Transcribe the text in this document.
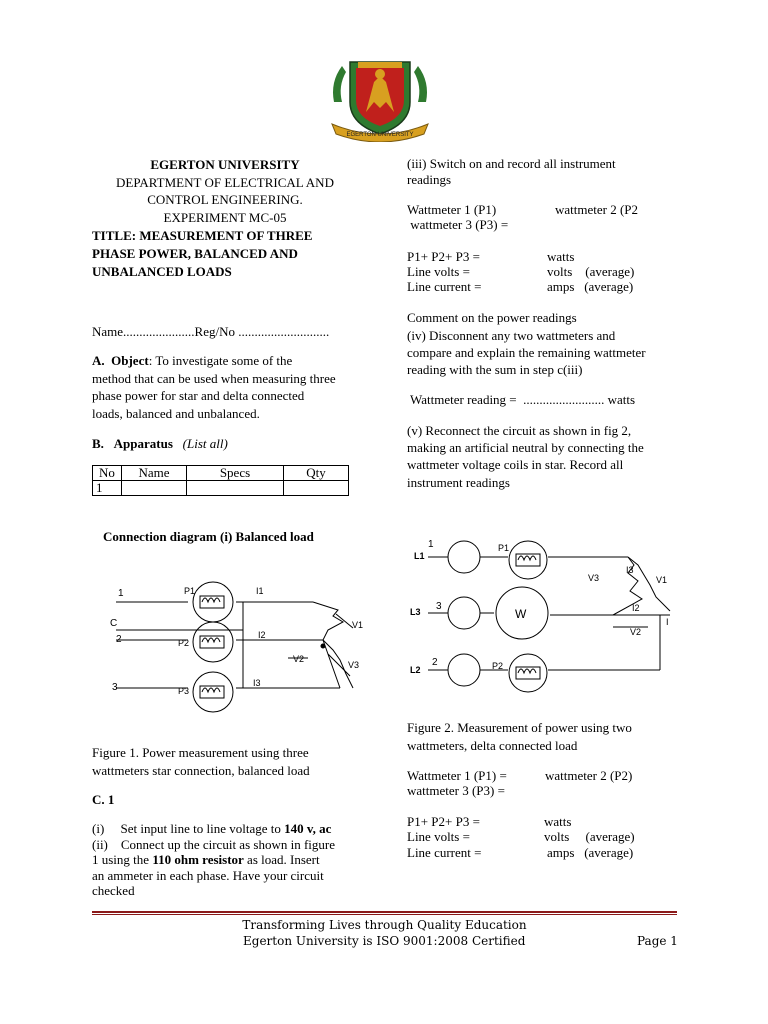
EGERTON UNIVERSITY
EGERTON UNIVERSITY
DEPARTMENT OF ELECTRICAL AND
CONTROL ENGINEERING.
EXPERIMENT MC-05
TITLE: MEASUREMENT OF THREE
PHASE POWER, BALANCED AND
UNBALANCED LOADS
Name......................Reg/No ............................
A. Object: To investigate some of the
method that can be used when measuring three
phase power for star and delta connected
loads, balanced and unbalanced.
B. Apparatus (List all)
No	Name	Specs	Qty
1			
Connection diagram (i) Balanced load
1
C
2
3
P1
P2
P3
I1
I2
I3
V1
V2
V3
Figure 1. Power measurement using three
wattmeters star connection, balanced load
C. 1
(i) Set input line to line voltage to 140 v, ac
(ii) Connect up the circuit as shown in figure
1 using the 110 ohm resistor as load. Insert
an ammeter in each phase. Have your circuit
checked
(iii) Switch on and record all instrument
readings
Wattmeter 1 (P1)	wattmeter 2 (P2
wattmeter 3 (P3) =
P1+ P2+ P3 =	watts
Line volts =	volts    (average)
Line current =	amps   (average)
Comment on the power readings
(iv) Disconnent any two wattmeters and
compare and explain the remaining wattmeter
reading with the sum in step c(iii)
Wattmeter reading =  ......................... watts
(v) Reconnect the circuit as shown in fig 2,
making an artificial neutral by connecting the
wattmeter voltage coils in star. Record all
instrument readings
L1
L3
L2
1
3
2
W
P1
P2
V1
V2
V3
I2
I3
I
Figure 2. Measurement of power using two
wattmeters, delta connected load
Wattmeter 1 (P1) =	wattmeter 2 (P2)
wattmeter 3 (P3) =
P1+ P2+ P3 =	watts
Line volts =	volts     (average)
Line current =	amps   (average)
Transforming Lives through Quality Education
Egerton University is ISO 9001:2008 Certified	Page 1
